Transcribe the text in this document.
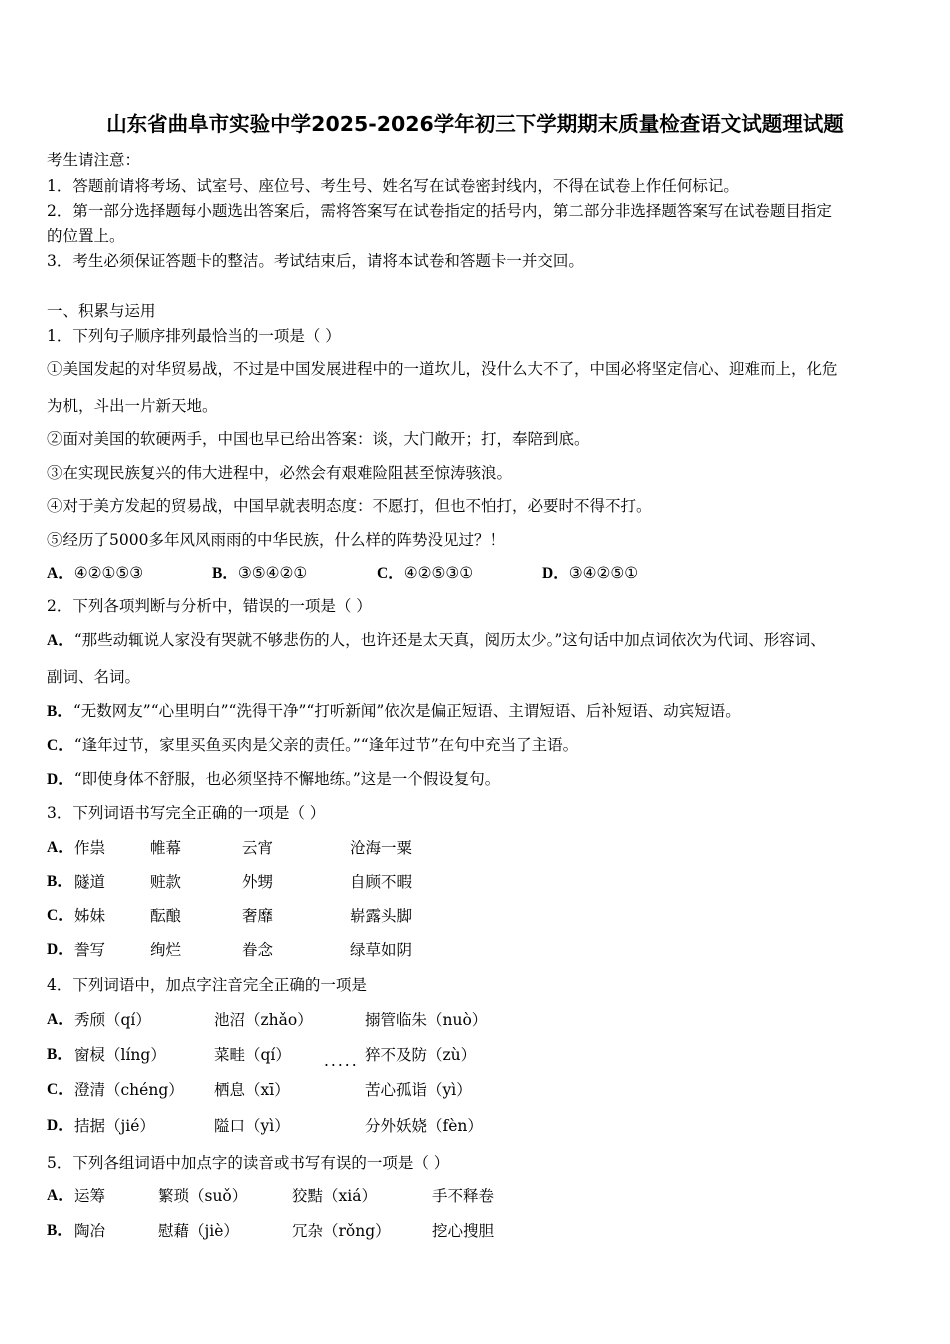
山东省曲阜市实验中学2025-2026学年初三下学期期末质量检查语文试题理试题
考生请注意：
1．答题前请将考场、试室号、座位号、考生号、姓名写在试卷密封线内，不得在试卷上作任何标记。
2．第一部分选择题每小题选出答案后，需将答案写在试卷指定的括号内，第二部分非选择题答案写在试卷题目指定
的位置上。
3．考生必须保证答题卡的整洁。考试结束后，请将本试卷和答题卡一并交回。
一、积累与运用
1．下列句子顺序排列最恰当的一项是（ ）
①美国发起的对华贸易战，不过是中国发展进程中的一道坎儿，没什么大不了，中国必将坚定信心、迎难而上，化危
为机，斗出一片新天地。
②面对美国的软硬两手，中国也早已给出答案：谈，大门敞开；打，奉陪到底。
③在实现民族复兴的伟大进程中，必然会有艰难险阻甚至惊涛骇浪。
④对于美方发起的贸易战，中国早就表明态度：不愿打，但也不怕打，必要时不得不打。
⑤经历了5000多年风风雨雨的中华民族，什么样的阵势没见过？！
A．④②①⑤③	B．③⑤④②①	C．④②⑤③①	D．③④②⑤①
2．下列各项判断与分析中，错误的一项是（ ）
A．“那些动辄说人家没有哭就不够悲伤的人，也许还是太天真，阅历太少。”这句话中加点词依次为代词、形容词、
副词、名词。
B．“无数网友”“心里明白”“洗得干净”“打听新闻”依次是偏正短语、主谓短语、后补短语、动宾短语。
C．“逢年过节，家里买鱼买肉是父亲的责任。”“逢年过节”在句中充当了主语。
D．“即使身体不舒服，也必须坚持不懈地练。”这是一个假设复句。
3．下列词语书写完全正确的一项是（ ）
4．下列词语中，加点字注音完全正确的一项是
.....
5．下列各组词语中加点字的读音或书写有误的一项是（ ）
A． 作祟	帷幕	云宵	沧海一粟
B． 隧道	赃款	外甥	自顾不暇
C． 姊妹	酝酿	奢靡	崭露头脚
D． 誊写	绚烂	眷念	绿草如阴
A． 秀颀（qí）	池沼（zhǎo）	搦管临朱（nuò）
B． 窗棂（líng）	菜畦（qí）	猝不及防（zù）
C． 澄清（chéng） 栖息（xī）	苦心孤诣（yì）
D． 拮据（jié）	隘口（yì）	分外妖娆（fèn）
A． 运筹	繁琐（suǒ）	狡黠（xiá）	手不释卷
B． 陶冶	慰藉（jiè）	冗杂（rǒng）	挖心搜胆
